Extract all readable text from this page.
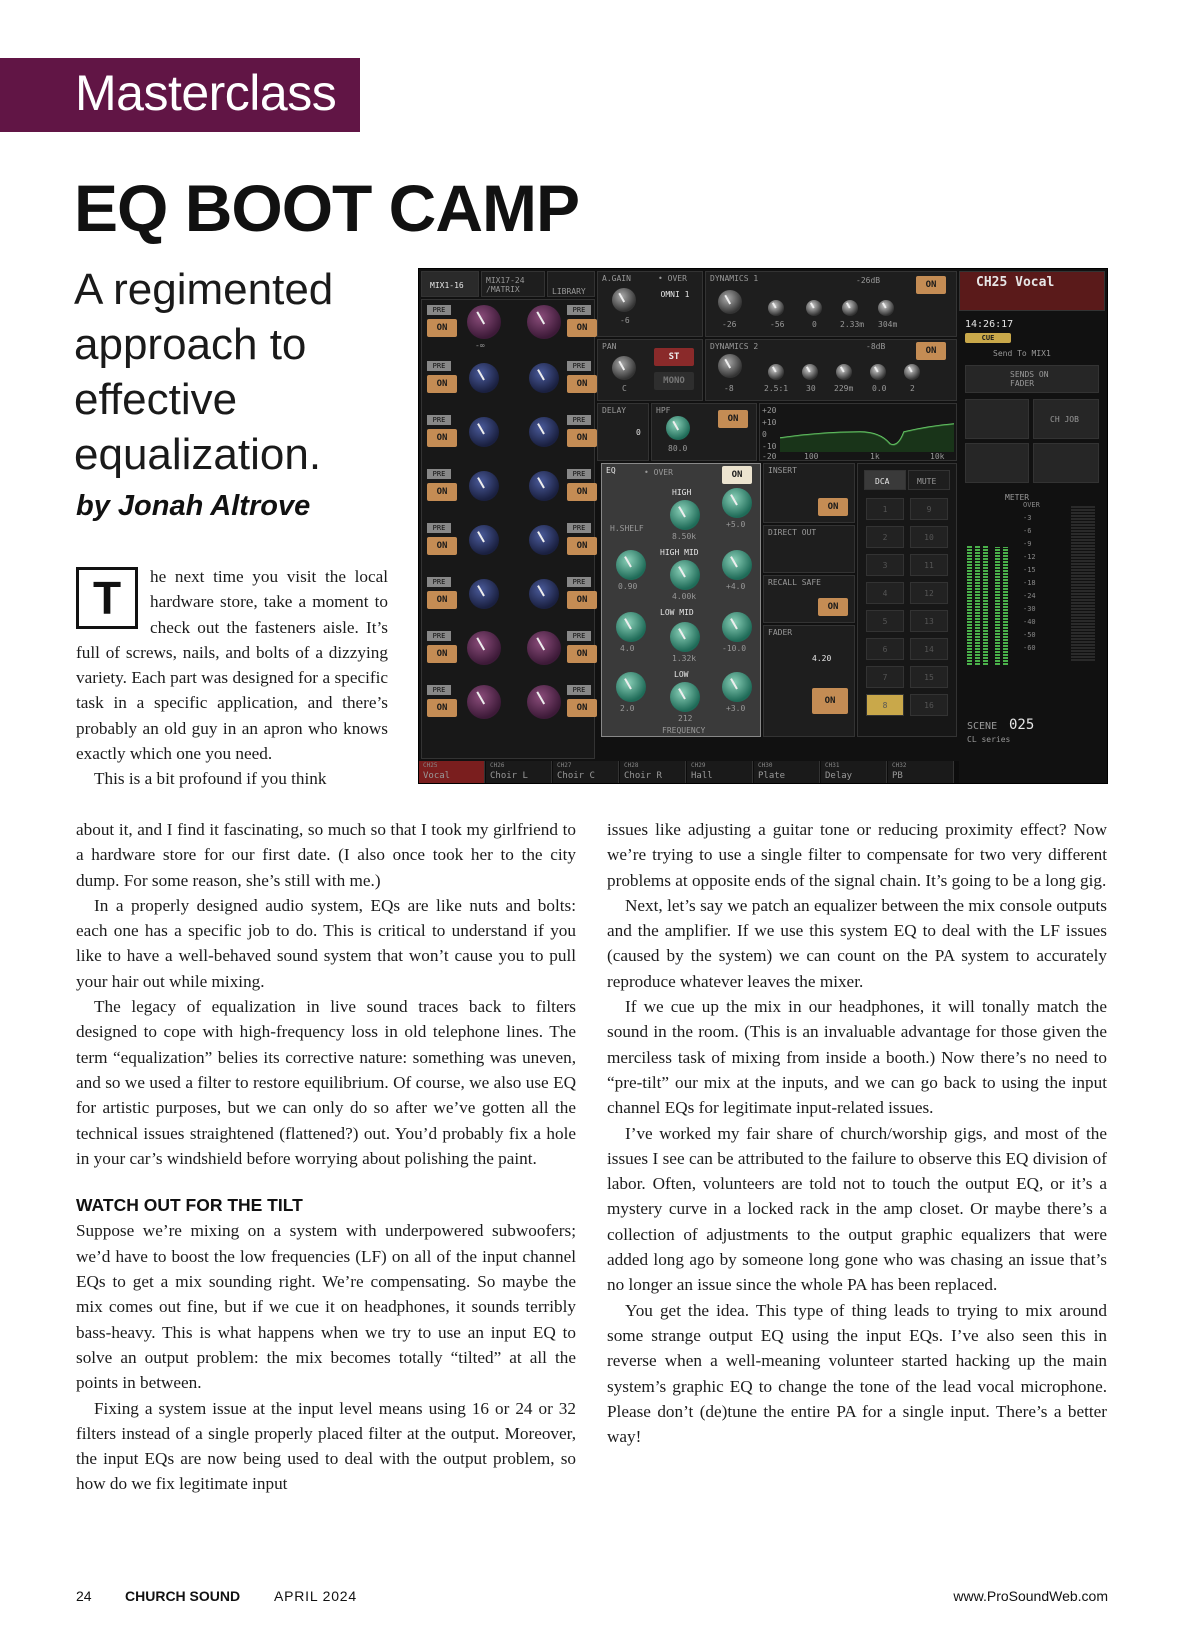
Masterclass
EQ BOOT CAMP
A regimented approach to effective equalization.
by Jonah Altrove
T	he next time you visit the local hardware store, take a moment to check out the fasteners aisle. It’s full of screws, nails, and bolts of a dizzying variety. Each part was designed for a specific task in a specific application, and there’s probably an old guy in an apron who knows exactly which one you need.

This is a bit profound if you think

MIX1-16
MIX17-24 /MATRIX	LIBRARY
PRE
ON
-∞
PRE
ON
PRE
ON
PRE
ON
PRE
ON
PRE
ON
PRE
ON
PRE
ON
PRE
ON
PRE
ON
PRE
ON
PRE
ON
PRE
ON
PRE
ON
PRE
ON
PRE
ON
A.GAIN	• OVER
-6
OMNI 1
DYNAMICS 1	-26dB	ON
-26	-56	0	2.33m 304m
PAN
C
ST
MONO
DYNAMICS 2	-8dB	ON
-8	2.5:1 30 229m 0.0	2
DELAY
0
HPF
80.0
ON
+20
+10
0
-10
-20	100	1k	10k
EQ	• OVER	ON
HIGH
H.SHELF
8.50k
+5.0
HIGH MID
0.90
4.00k
+4.0
LOW MID
4.0
1.32k
-10.0
LOW
2.0
212
+3.0
FREQUENCY
INSERT
ON
DIRECT OUT
RECALL SAFE
ON
FADER
4.20
ON
DCA	MUTE
1
2
3
4
5
6
7
8
9
10
11
12
13
14
15
16
CH25 Vocal
14:26:17
CUE
Send To MIX1
SENDS ON FADER
CH JOB
METER
OVER
-3
-6
-9
-12
-15
-18
-24
-30
-40
-50
-60
SCENE 025
CL series
CH25
Vocal
CH26
Choir L
CH27
Choir C
CH28
Choir R
CH29
Hall
CH30
Plate
CH31
Delay
CH32
PB

about it, and I find it fascinating, so much so that I took my girlfriend to a hardware store for our first date. (I also once took her to the city dump. For some reason, she’s still with me.)

In a properly designed audio system, EQs are like nuts and bolts: each one has a specific job to do. This is critical to understand if you like to have a well-behaved sound system that won’t cause you to pull your hair out while mixing.

The legacy of equalization in live sound traces back to filters designed to cope with high-frequency loss in old telephone lines. The term “equalization” belies its corrective nature: something was uneven, and so we used a filter to restore equilibrium. Of course, we also use EQ for artistic purposes, but we can only do so after we’ve gotten all the technical issues straightened (flattened?) out. You’d probably fix a hole in your car’s windshield before worrying about polishing the paint.

WATCH OUT FOR THE TILT

Suppose we’re mixing on a system with underpowered subwoofers; we’d have to boost the low frequencies (LF) on all of the input channel EQs to get a mix sounding right. We’re compensating. So maybe the mix comes out fine, but if we cue it on headphones, it sounds terribly bass-heavy. This is what happens when we try to use an input EQ to solve an output problem: the mix becomes totally “tilted” at all the points in between.

Fixing a system issue at the input level means using 16 or 24 or 32 filters instead of a single properly placed filter at the output. Moreover, the input EQs are now being used to deal with the output problem, so how do we fix legitimate input

issues like adjusting a guitar tone or reducing proximity effect? Now we’re trying to use a single filter to compensate for two very different problems at opposite ends of the signal chain. It’s going to be a long gig.

Next, let’s say we patch an equalizer between the mix console outputs and the amplifier. If we use this system EQ to deal with the LF issues (caused by the system) we can count on the PA system to accurately reproduce whatever leaves the mixer.

If we cue up the mix in our headphones, it will tonally match the sound in the room. (This is an invaluable advantage for those given the merciless task of mixing from inside a booth.) Now there’s no need to “pre-tilt” our mix at the inputs, and we can go back to using the input channel EQs for legitimate input-related issues.

I’ve worked my fair share of church/worship gigs, and most of the issues I see can be attributed to the failure to observe this EQ division of labor. Often, volunteers are told not to touch the output EQ, or it’s a mystery curve in a locked rack in the amp closet. Or maybe there’s a collection of adjustments to the output graphic equalizers that were added long ago by someone long gone who was chasing an issue that’s no longer an issue since the whole PA has been replaced.

You get the idea. This type of thing leads to trying to mix around some strange output EQ using the input EQs. I’ve also seen this in reverse when a well-meaning volunteer started hacking up the main system’s graphic EQ to change the tone of the lead vocal microphone. Please don’t (de)tune the entire PA for a single input. There’s a better way!

24 CHURCH SOUND APRIL 2024	www.ProSoundWeb.com
